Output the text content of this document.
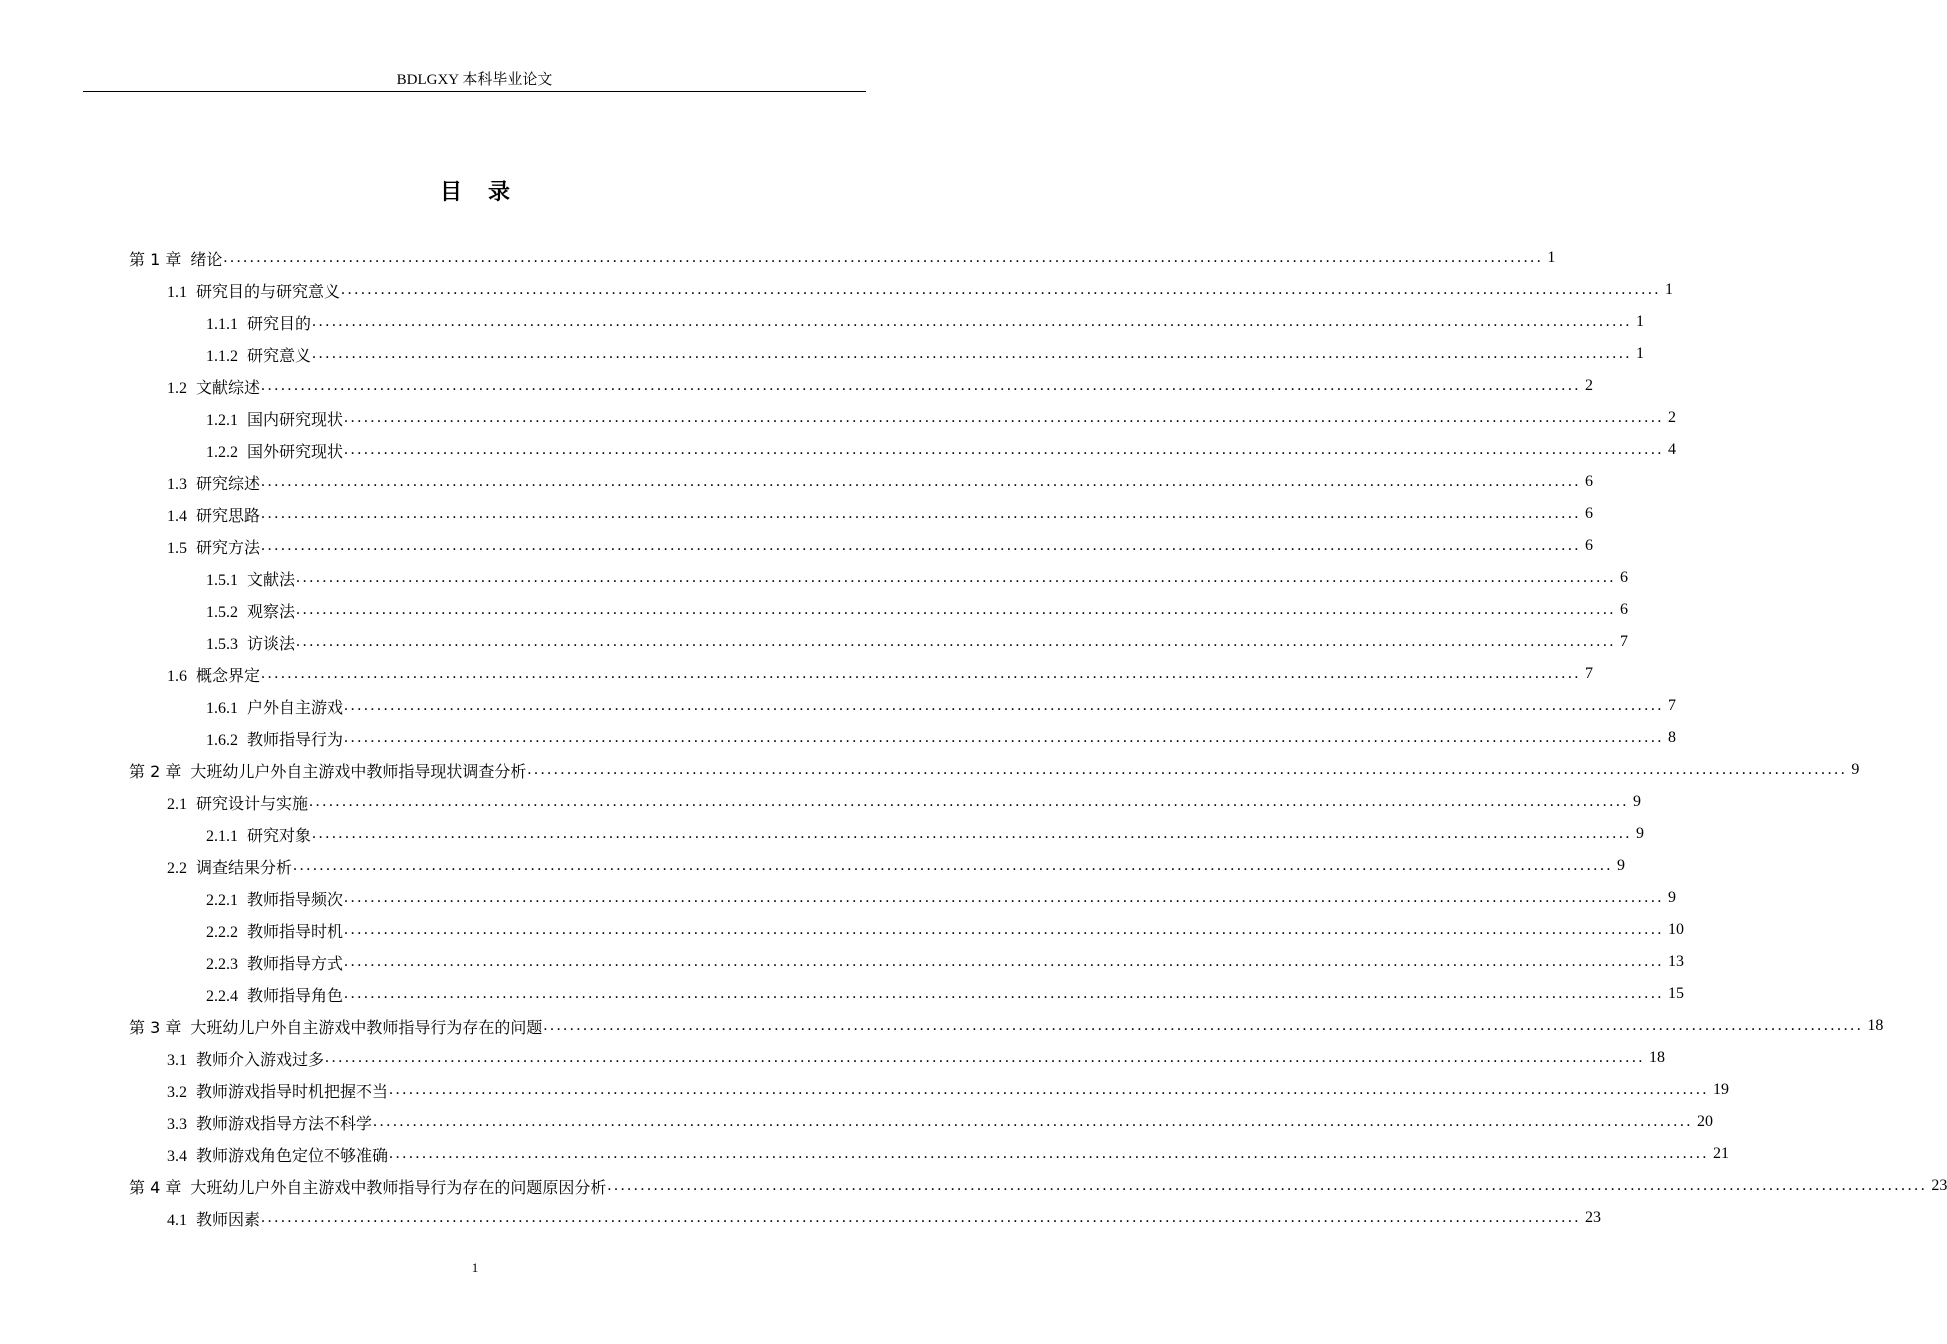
BDLGXY 本科毕业论文
目 录
第 1 章 绪论 ........................................................................................................................................................................................................ 1
1.1 研究目的与研究意义 ........................................................................................................................................................................................................ 1
1.1.1 研究目的 ........................................................................................................................................................................................................ 1
1.1.2 研究意义 ........................................................................................................................................................................................................ 1
1.2 文献综述 ........................................................................................................................................................................................................ 2
1.2.1 国内研究现状 ........................................................................................................................................................................................................ 2
1.2.2 国外研究现状 ........................................................................................................................................................................................................ 4
1.3 研究综述 ........................................................................................................................................................................................................ 6
1.4 研究思路 ........................................................................................................................................................................................................ 6
1.5 研究方法 ........................................................................................................................................................................................................ 6
1.5.1 文献法 ........................................................................................................................................................................................................ 6
1.5.2 观察法 ........................................................................................................................................................................................................ 6
1.5.3 访谈法 ........................................................................................................................................................................................................ 7
1.6 概念界定 ........................................................................................................................................................................................................ 7
1.6.1 户外自主游戏 ........................................................................................................................................................................................................ 7
1.6.2 教师指导行为 ........................................................................................................................................................................................................ 8
第 2 章 大班幼儿户外自主游戏中教师指导现状调查分析 ........................................................................................................................................................................................................ 9
2.1 研究设计与实施 ........................................................................................................................................................................................................ 9
2.1.1 研究对象 ........................................................................................................................................................................................................ 9
2.2 调查结果分析 ........................................................................................................................................................................................................ 9
2.2.1 教师指导频次 ........................................................................................................................................................................................................ 9
2.2.2 教师指导时机 ........................................................................................................................................................................................................ 10
2.2.3 教师指导方式 ........................................................................................................................................................................................................ 13
2.2.4 教师指导角色 ........................................................................................................................................................................................................ 15
第 3 章 大班幼儿户外自主游戏中教师指导行为存在的问题 ........................................................................................................................................................................................................ 18
3.1 教师介入游戏过多 ........................................................................................................................................................................................................ 18
3.2 教师游戏指导时机把握不当 ........................................................................................................................................................................................................ 19
3.3 教师游戏指导方法不科学 ........................................................................................................................................................................................................ 20
3.4 教师游戏角色定位不够准确 ........................................................................................................................................................................................................ 21
第 4 章 大班幼儿户外自主游戏中教师指导行为存在的问题原因分析 ........................................................................................................................................................................................................ 23
4.1 教师因素 ........................................................................................................................................................................................................ 23
1
